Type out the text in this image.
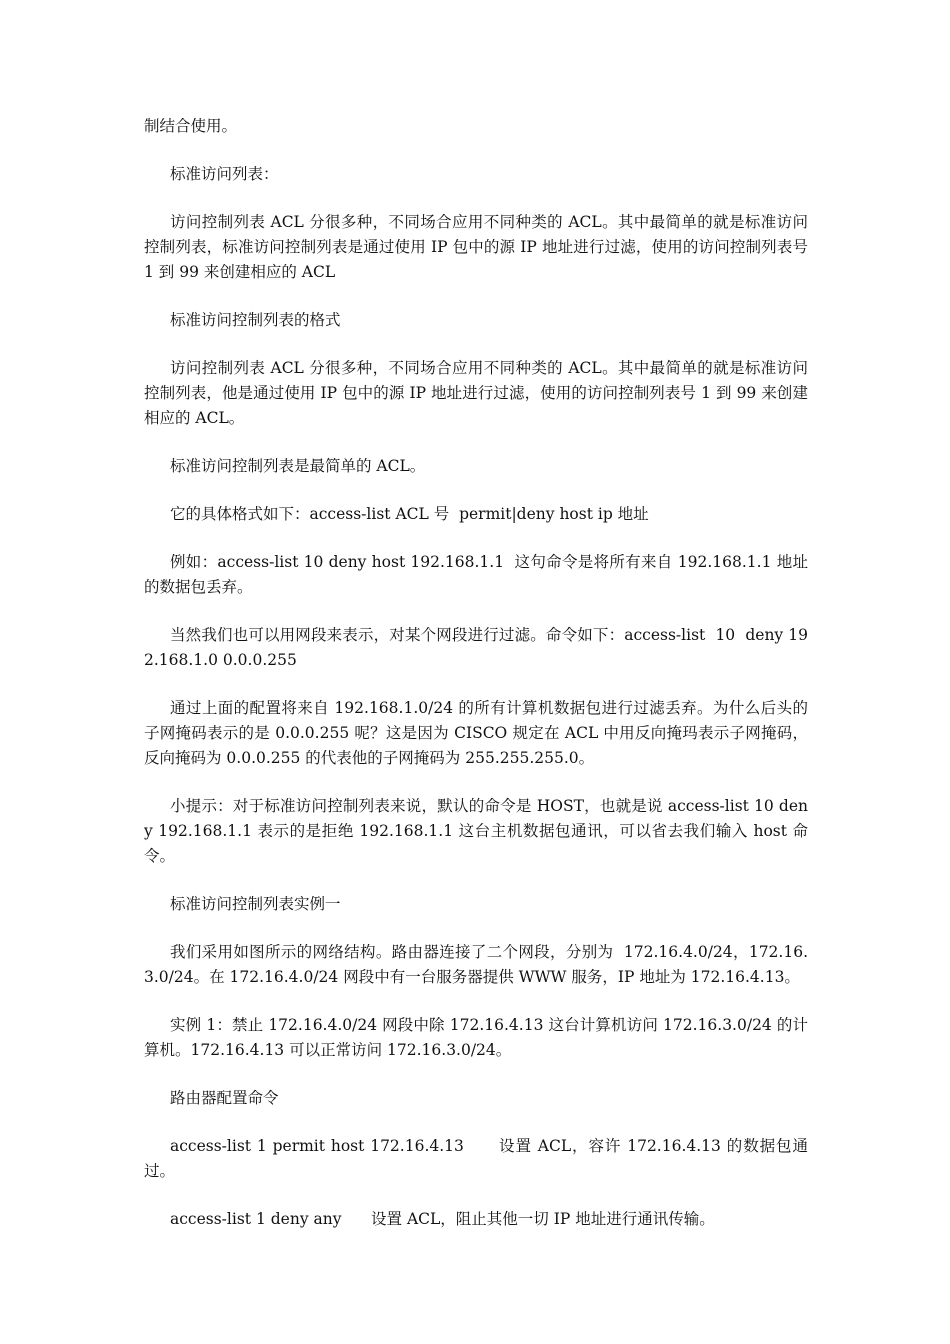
制结合使用。

标准访问列表：

访问控制列表 ACL 分很多种，不同场合应用不同种类的 ACL。其中最简单的就是标准访问控制列表，标准访问控制列表是通过使用 IP 包中的源 IP 地址进行过滤，使用的访问控制列表号 1 到 99 来创建相应的 ACL

标准访问控制列表的格式

访问控制列表 ACL 分很多种，不同场合应用不同种类的 ACL。其中最简单的就是标准访问控制列表，他是通过使用 IP 包中的源 IP 地址进行过滤，使用的访问控制列表号 1 到 99 来创建相应的 ACL。

标准访问控制列表是最简单的 ACL。

它的具体格式如下：access-list ACL 号  permit|deny host ip 地址

例如：access-list 10 deny host 192.168.1.1  这句命令是将所有来自 192.168.1.1 地址的数据包丢弃。

当然我们也可以用网段来表示，对某个网段进行过滤。命令如下：access-list  10  deny 192.168.1.0 0.0.0.255

通过上面的配置将来自 192.168.1.0/24 的所有计算机数据包进行过滤丢弃。为什么后头的子网掩码表示的是 0.0.0.255 呢？这是因为 CISCO 规定在 ACL 中用反向掩玛表示子网掩码，反向掩码为 0.0.0.255 的代表他的子网掩码为 255.255.255.0。

小提示：对于标准访问控制列表来说，默认的命令是 HOST，也就是说 access-list 10 deny 192.168.1.1 表示的是拒绝 192.168.1.1 这台主机数据包通讯，可以省去我们输入 host 命令。

标准访问控制列表实例一

我们采用如图所示的网络结构。路由器连接了二个网段，分别为  172.16.4.0/24，172.16.3.0/24。在 172.16.4.0/24 网段中有一台服务器提供 WWW 服务，IP 地址为 172.16.4.13。

实例 1：禁止 172.16.4.0/24 网段中除 172.16.4.13 这台计算机访问 172.16.3.0/24 的计算机。172.16.4.13 可以正常访问 172.16.3.0/24。

路由器配置命令

access-list 1 permit host 172.16.4.13      设置 ACL，容许 172.16.4.13 的数据包通过。

access-list 1 deny any      设置 ACL，阻止其他一切 IP 地址进行通讯传输。
